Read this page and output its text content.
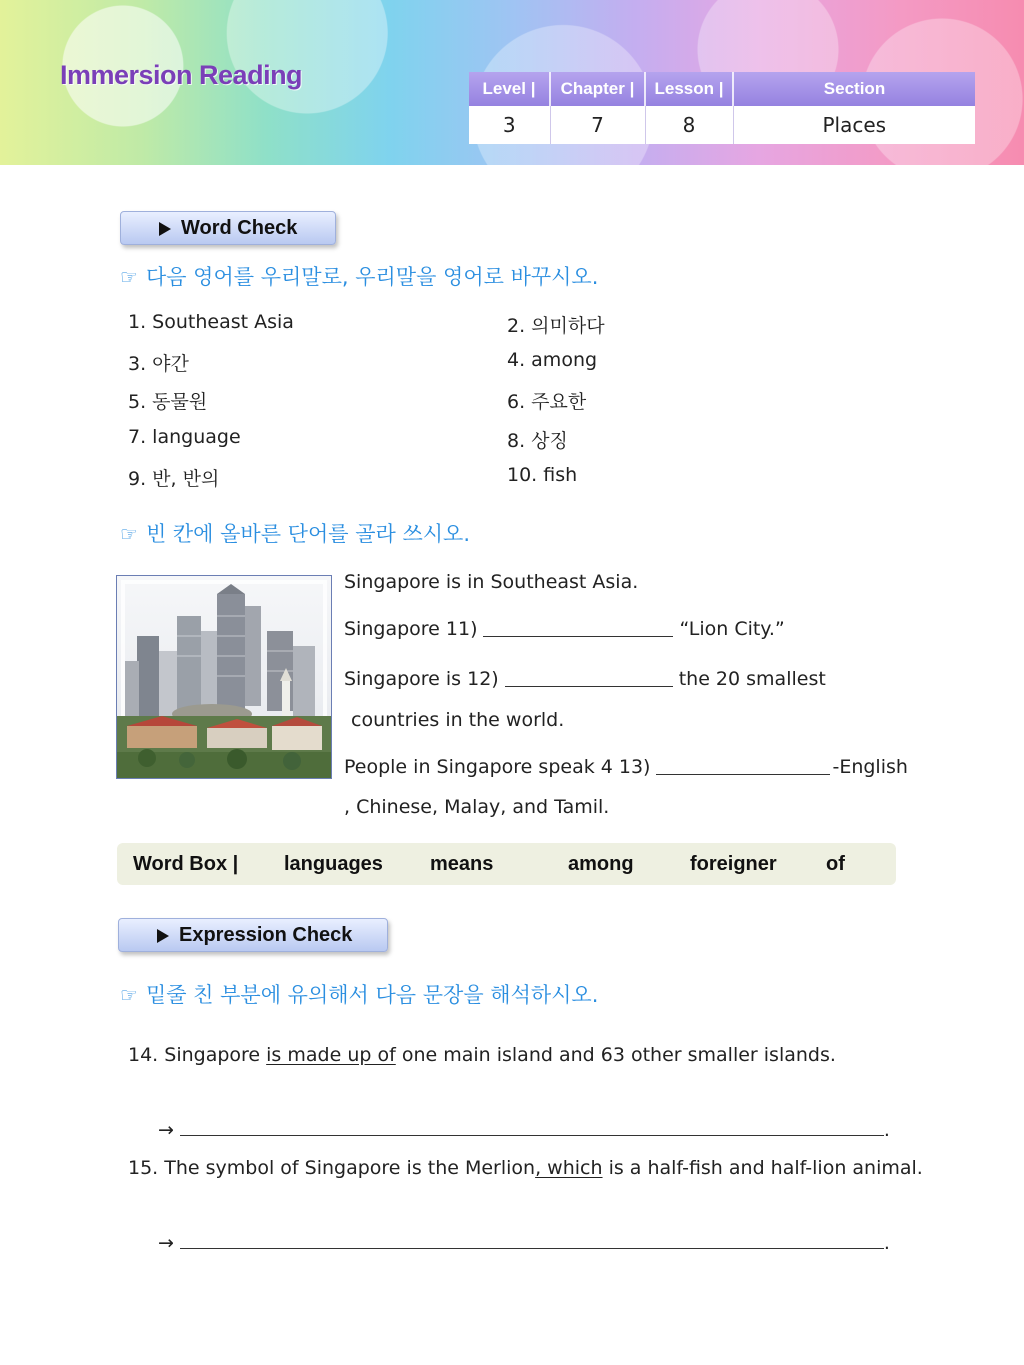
Immersion Reading	Level |	Chapter |	Lesson |	Section
3	7	8	Places
Word Check
☞ 다음 영어를 우리말로, 우리말을 영어로 바꾸시오.
1. Southeast Asia	2. 의미하다
3. 야간	4. among
5. 동물원	6. 주요한
7. language	8. 상징
9. 반, 반의	10. fish
☞ 빈 칸에 올바른 단어를 골라 쓰시오.
Singapore is in Southeast Asia.
Singapore 11)	“Lion City.”
Singapore is 12)	the 20 smallest
countries in the world.
People in Singapore speak 4 13)	-English
, Chinese, Malay, and Tamil.
Word Box | languages means	among	foreigner of
Expression Check
☞ 밑줄 친 부분에 유의해서 다음 문장을 해석하시오.
14. Singapore is made up of one main island and 63 other smaller islands.
→	.
15. The symbol of Singapore is the Merlion, which is a half-fish and half-lion animal.
→	.
